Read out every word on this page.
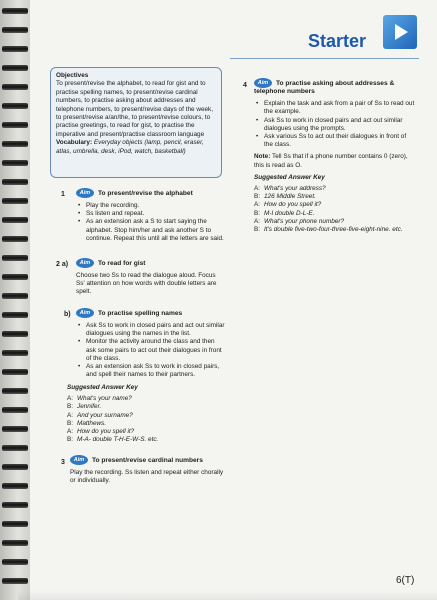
Starter
Objectives
To present/revise the alphabet, to read for gist and to practise spelling names, to present/revise cardinal numbers, to practise asking about addresses and telephone numbers, to present/revise days of the week, to present/revise a/an/the, to present/revise colours, to practise greetings, to read for gist, to practise the imperative and present/practise classroom language
Vocabulary: Everyday objects (lamp, pencil, eraser, atlas, umbrella, desk, iPod, watch, basketball)
1	Aim To present/revise the alphabet
• Play the recording.
• Ss listen and repeat.
• As an extension ask a S to start saying the alphabet. Stop him/her and ask another S to continue. Repeat this until all the letters are said.
2 a)	Aim To read for gist
Choose two Ss to read the dialogue aloud. Focus Ss' attention on how words with double letters are spelt.
b)	Aim To practise spelling names
• Ask Ss to work in closed pairs and act out similar dialogues using the names in the list.
• Monitor the activity around the class and then ask some pairs to act out their dialogues in front of the class.
• As an extension ask Ss to work in closed pairs, and spell their names to their partners.
Suggested Answer Key
A: What's your name?
B: Jennifer.
A: And your surname?
B: Matthews.
A: How do you spell it?
B: M-A- double T-H-E-W-S. etc.
3	Aim To present/revise cardinal numbers
Play the recording. Ss listen and repeat either chorally or individually.
4	Aim To practise asking about addresses & telephone numbers
• Explain the task and ask from a pair of Ss to read out the example.
• Ask Ss to work in closed pairs and act out similar dialogues using the prompts.
• Ask various Ss to act out their dialogues in front of the class.
Note: Tell Ss that if a phone number contains 0 (zero), this is read as O.
Suggested Answer Key
A: What's your address?
B: 126 Middle Street.
A: How do you spell it?
B: M-I double D-L-E.
A: What's your phone number?
B: It's double five-two-four-three-five-eight-nine. etc.
6(T)
